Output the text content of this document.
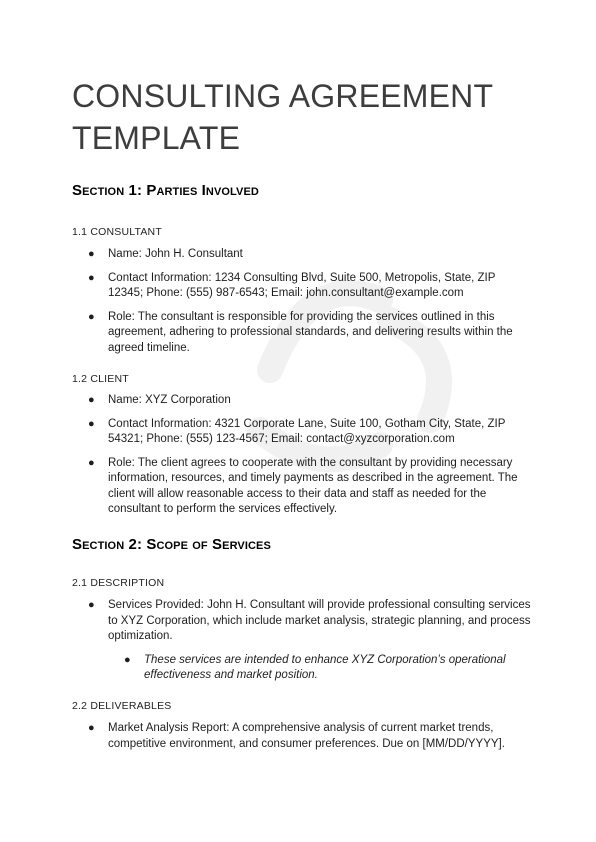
CONSULTING AGREEMENT TEMPLATE
Section 1: Parties Involved
1.1 CONSULTANT
● Name: John H. Consultant
● Contact Information: 1234 Consulting Blvd, Suite 500, Metropolis, State, ZIP 12345; Phone: (555) 987-6543; Email: john.consultant@example.com
● Role: The consultant is responsible for providing the services outlined in this agreement, adhering to professional standards, and delivering results within the agreed timeline.
1.2 CLIENT
● Name: XYZ Corporation
● Contact Information: 4321 Corporate Lane, Suite 100, Gotham City, State, ZIP 54321; Phone: (555) 123-4567; Email: contact@xyzcorporation.com
● Role: The client agrees to cooperate with the consultant by providing necessary information, resources, and timely payments as described in the agreement. The client will allow reasonable access to their data and staff as needed for the consultant to perform the services effectively.
Section 2: Scope of Services
2.1 DESCRIPTION
● Services Provided: John H. Consultant will provide professional consulting services to XYZ Corporation, which include market analysis, strategic planning, and process optimization.
● These services are intended to enhance XYZ Corporation’s operational effectiveness and market position.
2.2 DELIVERABLES
● Market Analysis Report: A comprehensive analysis of current market trends, competitive environment, and consumer preferences. Due on [MM/DD/YYYY].
